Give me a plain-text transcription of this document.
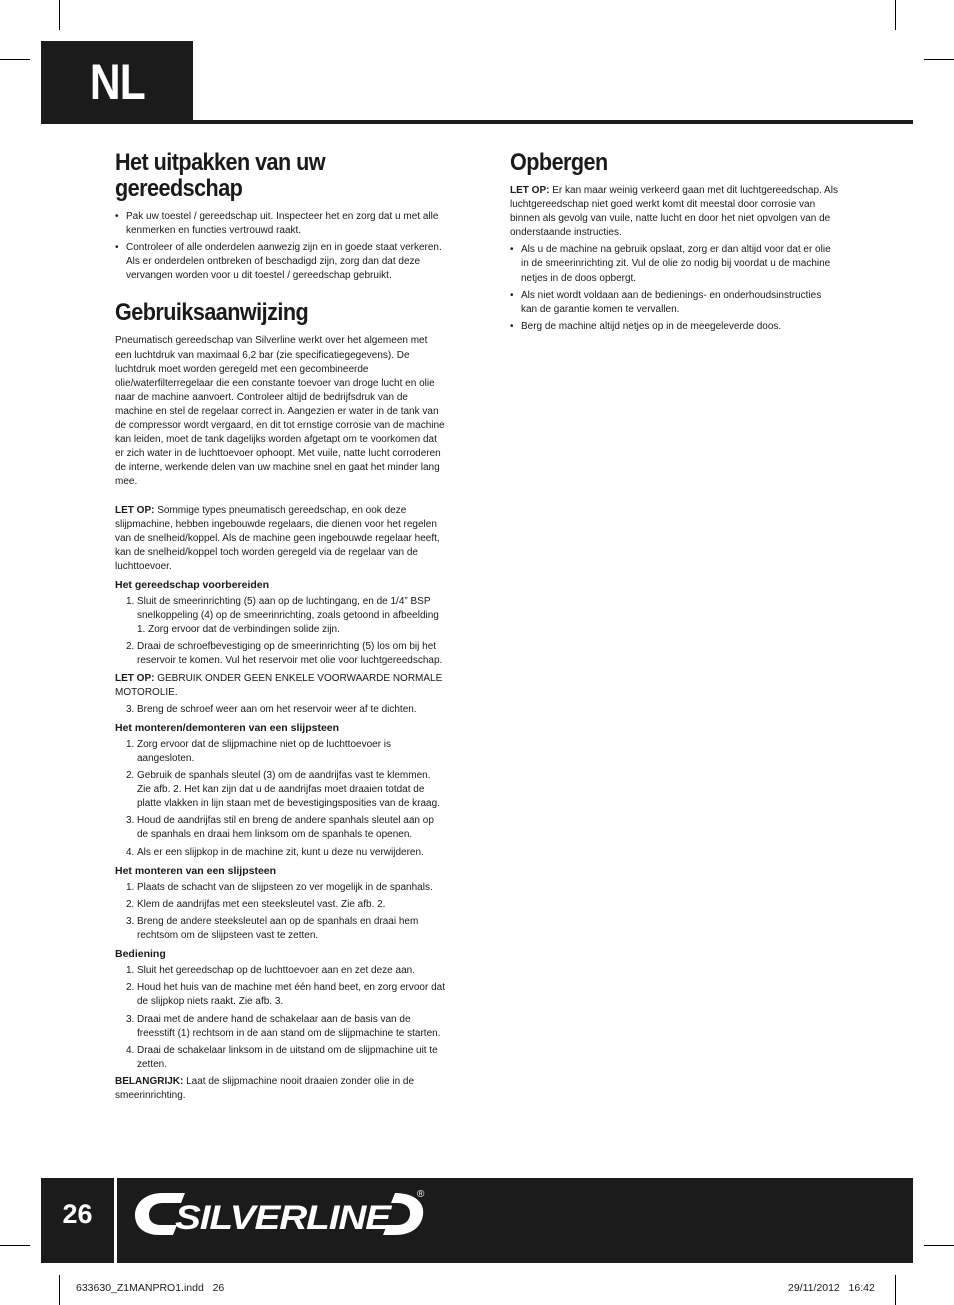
NL
Het uitpakken van uw gereedschap
• Pak uw toestel / gereedschap uit. Inspecteer het en zorg dat u met alle kenmerken en functies vertrouwd raakt.
• Controleer of alle onderdelen aanwezig zijn en in goede staat verkeren. Als er onderdelen ontbreken of beschadigd zijn, zorg dan dat deze vervangen worden voor u dit toestel / gereedschap gebruikt.
Gebruiksaanwijzing

Pneumatisch gereedschap van Silverline werkt over het algemeen met een luchtdruk van maximaal 6,2 bar (zie specificatiegegevens). De luchtdruk moet worden geregeld met een gecombineerde olie/waterfilterregelaar die een constante toevoer van droge lucht en olie naar de machine aanvoert. Controleer altijd de bedrijfsdruk van de machine en stel de regelaar correct in. Aangezien er water in de tank van de compressor wordt vergaard, en dit tot ernstige corrosie van de machine kan leiden, moet de tank dagelijks worden afgetapt om te voorkomen dat er zich water in de luchttoevoer ophoopt. Met vuile, natte lucht corroderen de interne, werkende delen van uw machine snel en gaat het minder lang mee.

LET OP: Sommige types pneumatisch gereedschap, en ook deze slijpmachine, hebben ingebouwde regelaars, die dienen voor het regelen van de snelheid/koppel. Als de machine geen ingebouwde regelaar heeft, kan de snelheid/koppel toch worden geregeld via de regelaar van de luchttoevoer.

Het gereedschap voorbereiden
1. Sluit de smeerinrichting (5) aan op de luchtingang, en de 1/4” BSP snelkoppeling (4) op de smeerinrichting, zoals getoond in afbeelding 1. Zorg ervoor dat de verbindingen solide zijn.
2. Draai de schroefbevestiging op de smeerinrichting (5) los om bij het reservoir te komen. Vul het reservoir met olie voor luchtgereedschap.

LET OP: GEBRUIK ONDER GEEN ENKELE VOORWAARDE NORMALE MOTOROLIE.

3. Breng de schroef weer aan om het reservoir weer af te dichten.
Het monteren/demonteren van een slijpsteen
1. Zorg ervoor dat de slijpmachine niet op de luchttoevoer is aangesloten.
2. Gebruik de spanhals sleutel (3) om de aandrijfas vast te klemmen. Zie afb. 2. Het kan zijn dat u de aandrijfas moet draaien totdat de platte vlakken in lijn staan met de bevestigingsposities van de kraag.
3. Houd de aandrijfas stil en breng de andere spanhals sleutel aan op de spanhals en draai hem linksom om de spanhals te openen.
4. Als er een slijpkop in de machine zit, kunt u deze nu verwijderen.
Het monteren van een slijpsteen
1. Plaats de schacht van de slijpsteen zo ver mogelijk in de spanhals.
2. Klem de aandrijfas met een steeksleutel vast. Zie afb. 2.
3. Breng de andere steeksleutel aan op de spanhals en draai hem rechtsom om de slijpsteen vast te zetten.
Bediening
1. Sluit het gereedschap op de luchttoevoer aan en zet deze aan.
2. Houd het huis van de machine met één hand beet, en zorg ervoor dat de slijpkop niets raakt. Zie afb. 3.
3. Draai met de andere hand de schakelaar aan de basis van de freesstift (1) rechtsom in de aan stand om de slijpmachine te starten.
4. Draai de schakelaar linksom in de uitstand om de slijpmachine uit te zetten.

BELANGRIJK: Laat de slijpmachine nooit draaien zonder olie in de smeerinrichting.

Opbergen

LET OP: Er kan maar weinig verkeerd gaan met dit luchtgereedschap. Als luchtgereedschap niet goed werkt komt dit meestal door corrosie van binnen als gevolg van vuile, natte lucht en door het niet opvolgen van de onderstaande instructies.

• Als u de machine na gebruik opslaat, zorg er dan altijd voor dat er olie in de smeerinrichting zit. Vul de olie zo nodig bij voordat u de machine netjes in de doos opbergt.
• Als niet wordt voldaan aan de bedienings- en onderhoudsinstructies kan de garantie komen te vervallen.
• Berg de machine altijd netjes op in de meegeleverde doos.
26	SILVERLINE
®
633630_Z1MANPRO1.indd   26	29/11/2012   16:42
